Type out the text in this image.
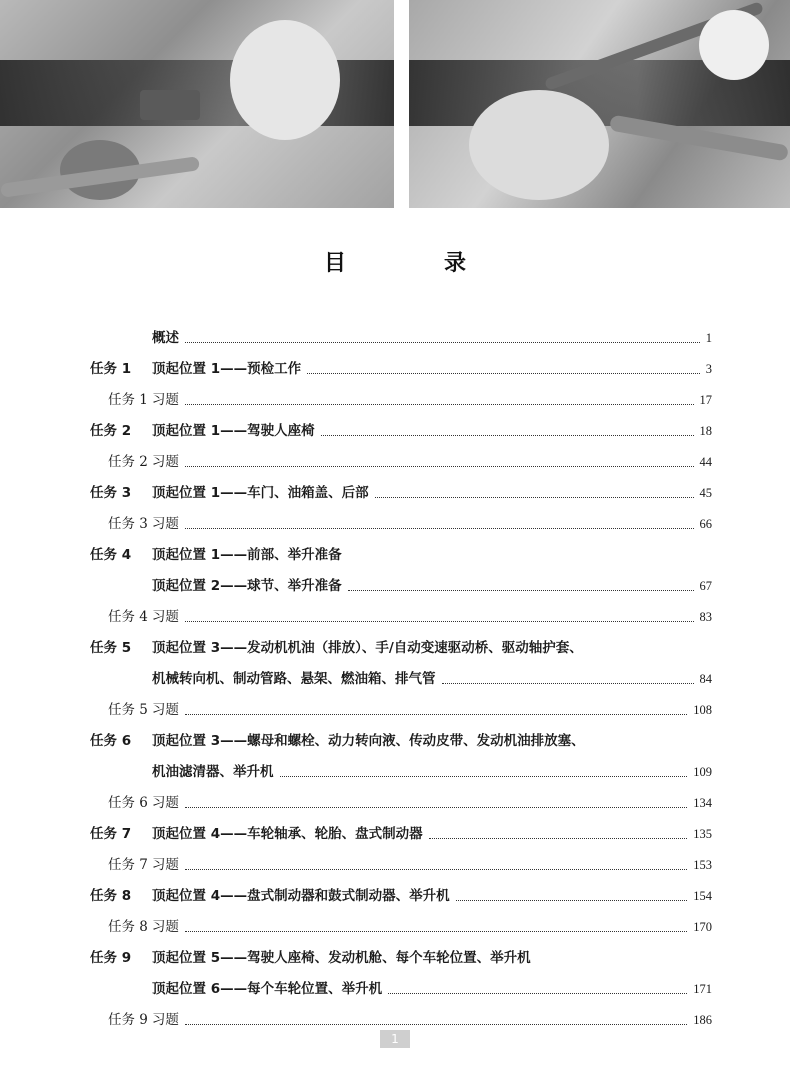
目　录
概述	1
任务 1	顶起位置 1——预检工作	3
任务 1 习题	17
任务 2	顶起位置 1——驾驶人座椅	18
任务 2 习题	44
任务 3	顶起位置 1——车门、油箱盖、后部	45
任务 3 习题	66
任务 4	顶起位置 1——前部、举升准备
顶起位置 2——球节、举升准备	67
任务 4 习题	83
任务 5	顶起位置 3——发动机机油（排放）、手/自动变速驱动桥、驱动轴护套、
机械转向机、制动管路、悬架、燃油箱、排气管	84
任务 5 习题	108
任务 6	顶起位置 3——螺母和螺栓、动力转向液、传动皮带、发动机油排放塞、
机油滤清器、举升机	109
任务 6 习题	134
任务 7	顶起位置 4——车轮轴承、轮胎、盘式制动器	135
任务 7 习题	153
任务 8	顶起位置 4——盘式制动器和鼓式制动器、举升机	154
任务 8 习题	170
任务 9	顶起位置 5——驾驶人座椅、发动机舱、每个车轮位置、举升机
顶起位置 6——每个车轮位置、举升机	171
任务 9 习题	186
1
